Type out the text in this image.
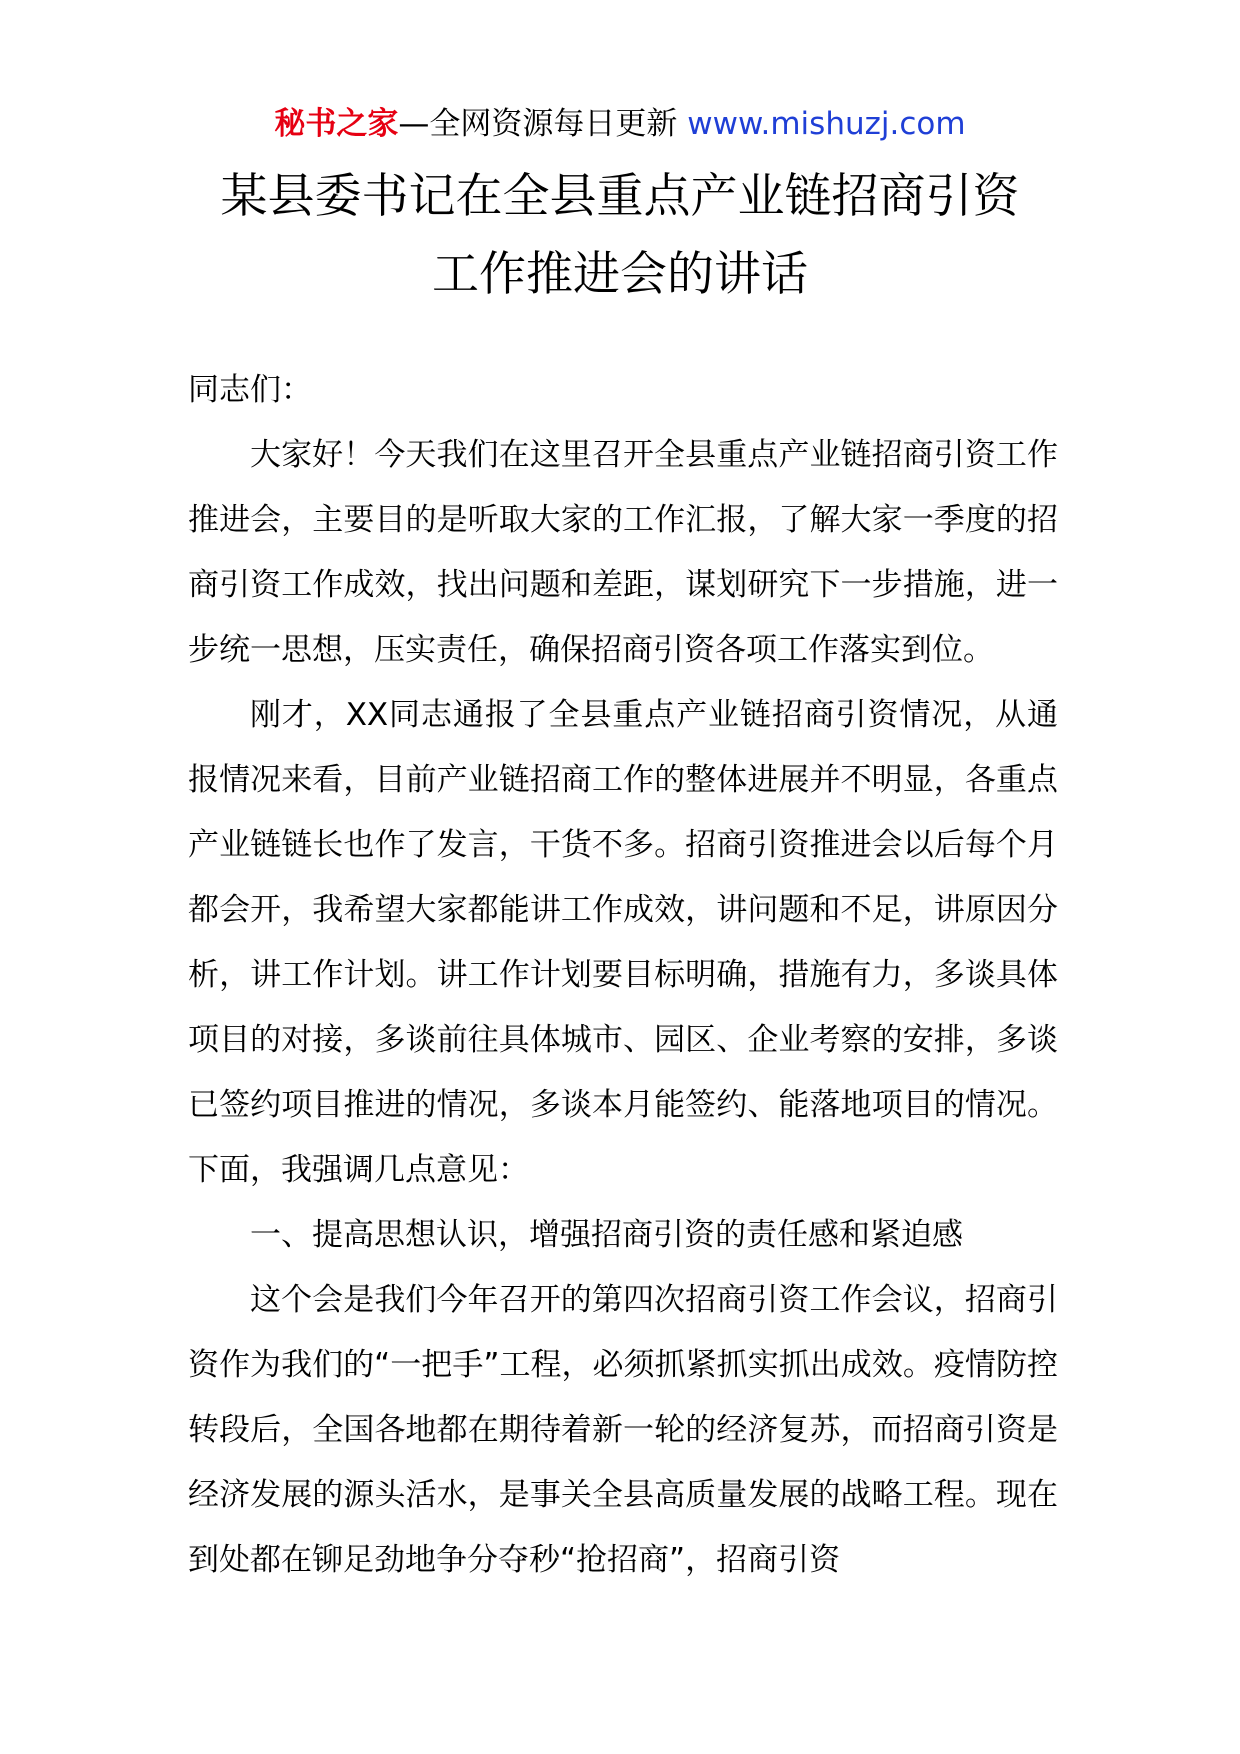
秘书之家—全网资源每日更新 www.mishuzj.com
某县委书记在全县重点产业链招商引资
工作推进会的讲话

同志们：

大家好！今天我们在这里召开全县重点产业链招商引资工作推进会，主要目的是听取大家的工作汇报，了解大家一季度的招商引资工作成效，找出问题和差距，谋划研究下一步措施，进一步统一思想，压实责任，确保招商引资各项工作落实到位。

刚才，XX同志通报了全县重点产业链招商引资情况，从通报情况来看，目前产业链招商工作的整体进展并不明显，各重点产业链链长也作了发言，干货不多。招商引资推进会以后每个月都会开，我希望大家都能讲工作成效，讲问题和不足，讲原因分析，讲工作计划。讲工作计划要目标明确，措施有力，多谈具体项目的对接，多谈前往具体城市、园区、企业考察的安排，多谈已签约项目推进的情况，多谈本月能签约、能落地项目的情况。下面，我强调几点意见：

一、提高思想认识，增强招商引资的责任感和紧迫感

这个会是我们今年召开的第四次招商引资工作会议，招商引资作为我们的“一把手”工程，必须抓紧抓实抓出成效。疫情防控转段后，全国各地都在期待着新一轮的经济复苏，而招商引资是经济发展的源头活水，是事关全县高质量发展的战略工程。现在到处都在铆足劲地争分夺秒“抢招商”，招商引资
